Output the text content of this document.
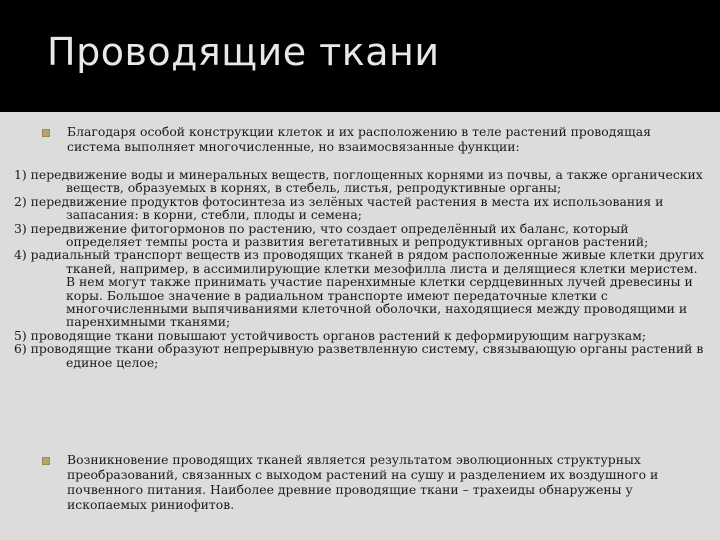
Проводящие ткани
Благодаря особой конструкции клеток и их расположению в теле растений проводящая система выполняет многочисленные, но взаимосвязанные функции:

1) передвижение воды и минеральных веществ, поглощенных корнями из почвы, а также органических веществ, образуемых в корнях, в стебель, листья, репродуктивные органы;

2) передвижение продуктов фотосинтеза из зелёных частей растения в места их использования и запасания: в корни, стебли, плоды и семена;

3) передвижение фитогормонов по растению, что создает определённый их баланс, который определяет темпы роста и развития вегетативных и репродуктивных органов растений;

4) радиальный транспорт веществ из проводящих тканей в рядом расположенные живые клетки других тканей, например, в ассимилирующие клетки мезофилла листа и делящиеся клетки меристем. В нем могут также принимать участие паренхимные клетки сердцевинных лучей древесины и коры. Большое значение в радиальном транспорте имеют передаточные клетки с многочисленными выпячиваниями клеточной оболочки, находящиеся между проводящими и паренхимными тканями;

5) проводящие ткани повышают устойчивость органов растений к деформирующим нагрузкам;

6) проводящие ткани образуют непрерывную разветвленную систему, связывающую органы растений в единое целое;

Возникновение проводящих тканей является результатом эволюционных структурных преобразований, связанных с выходом растений на сушу и разделением их воздушного и почвенного питания. Наиболее древние проводящие ткани – трахеиды обнаружены у ископаемых риниофитов.
